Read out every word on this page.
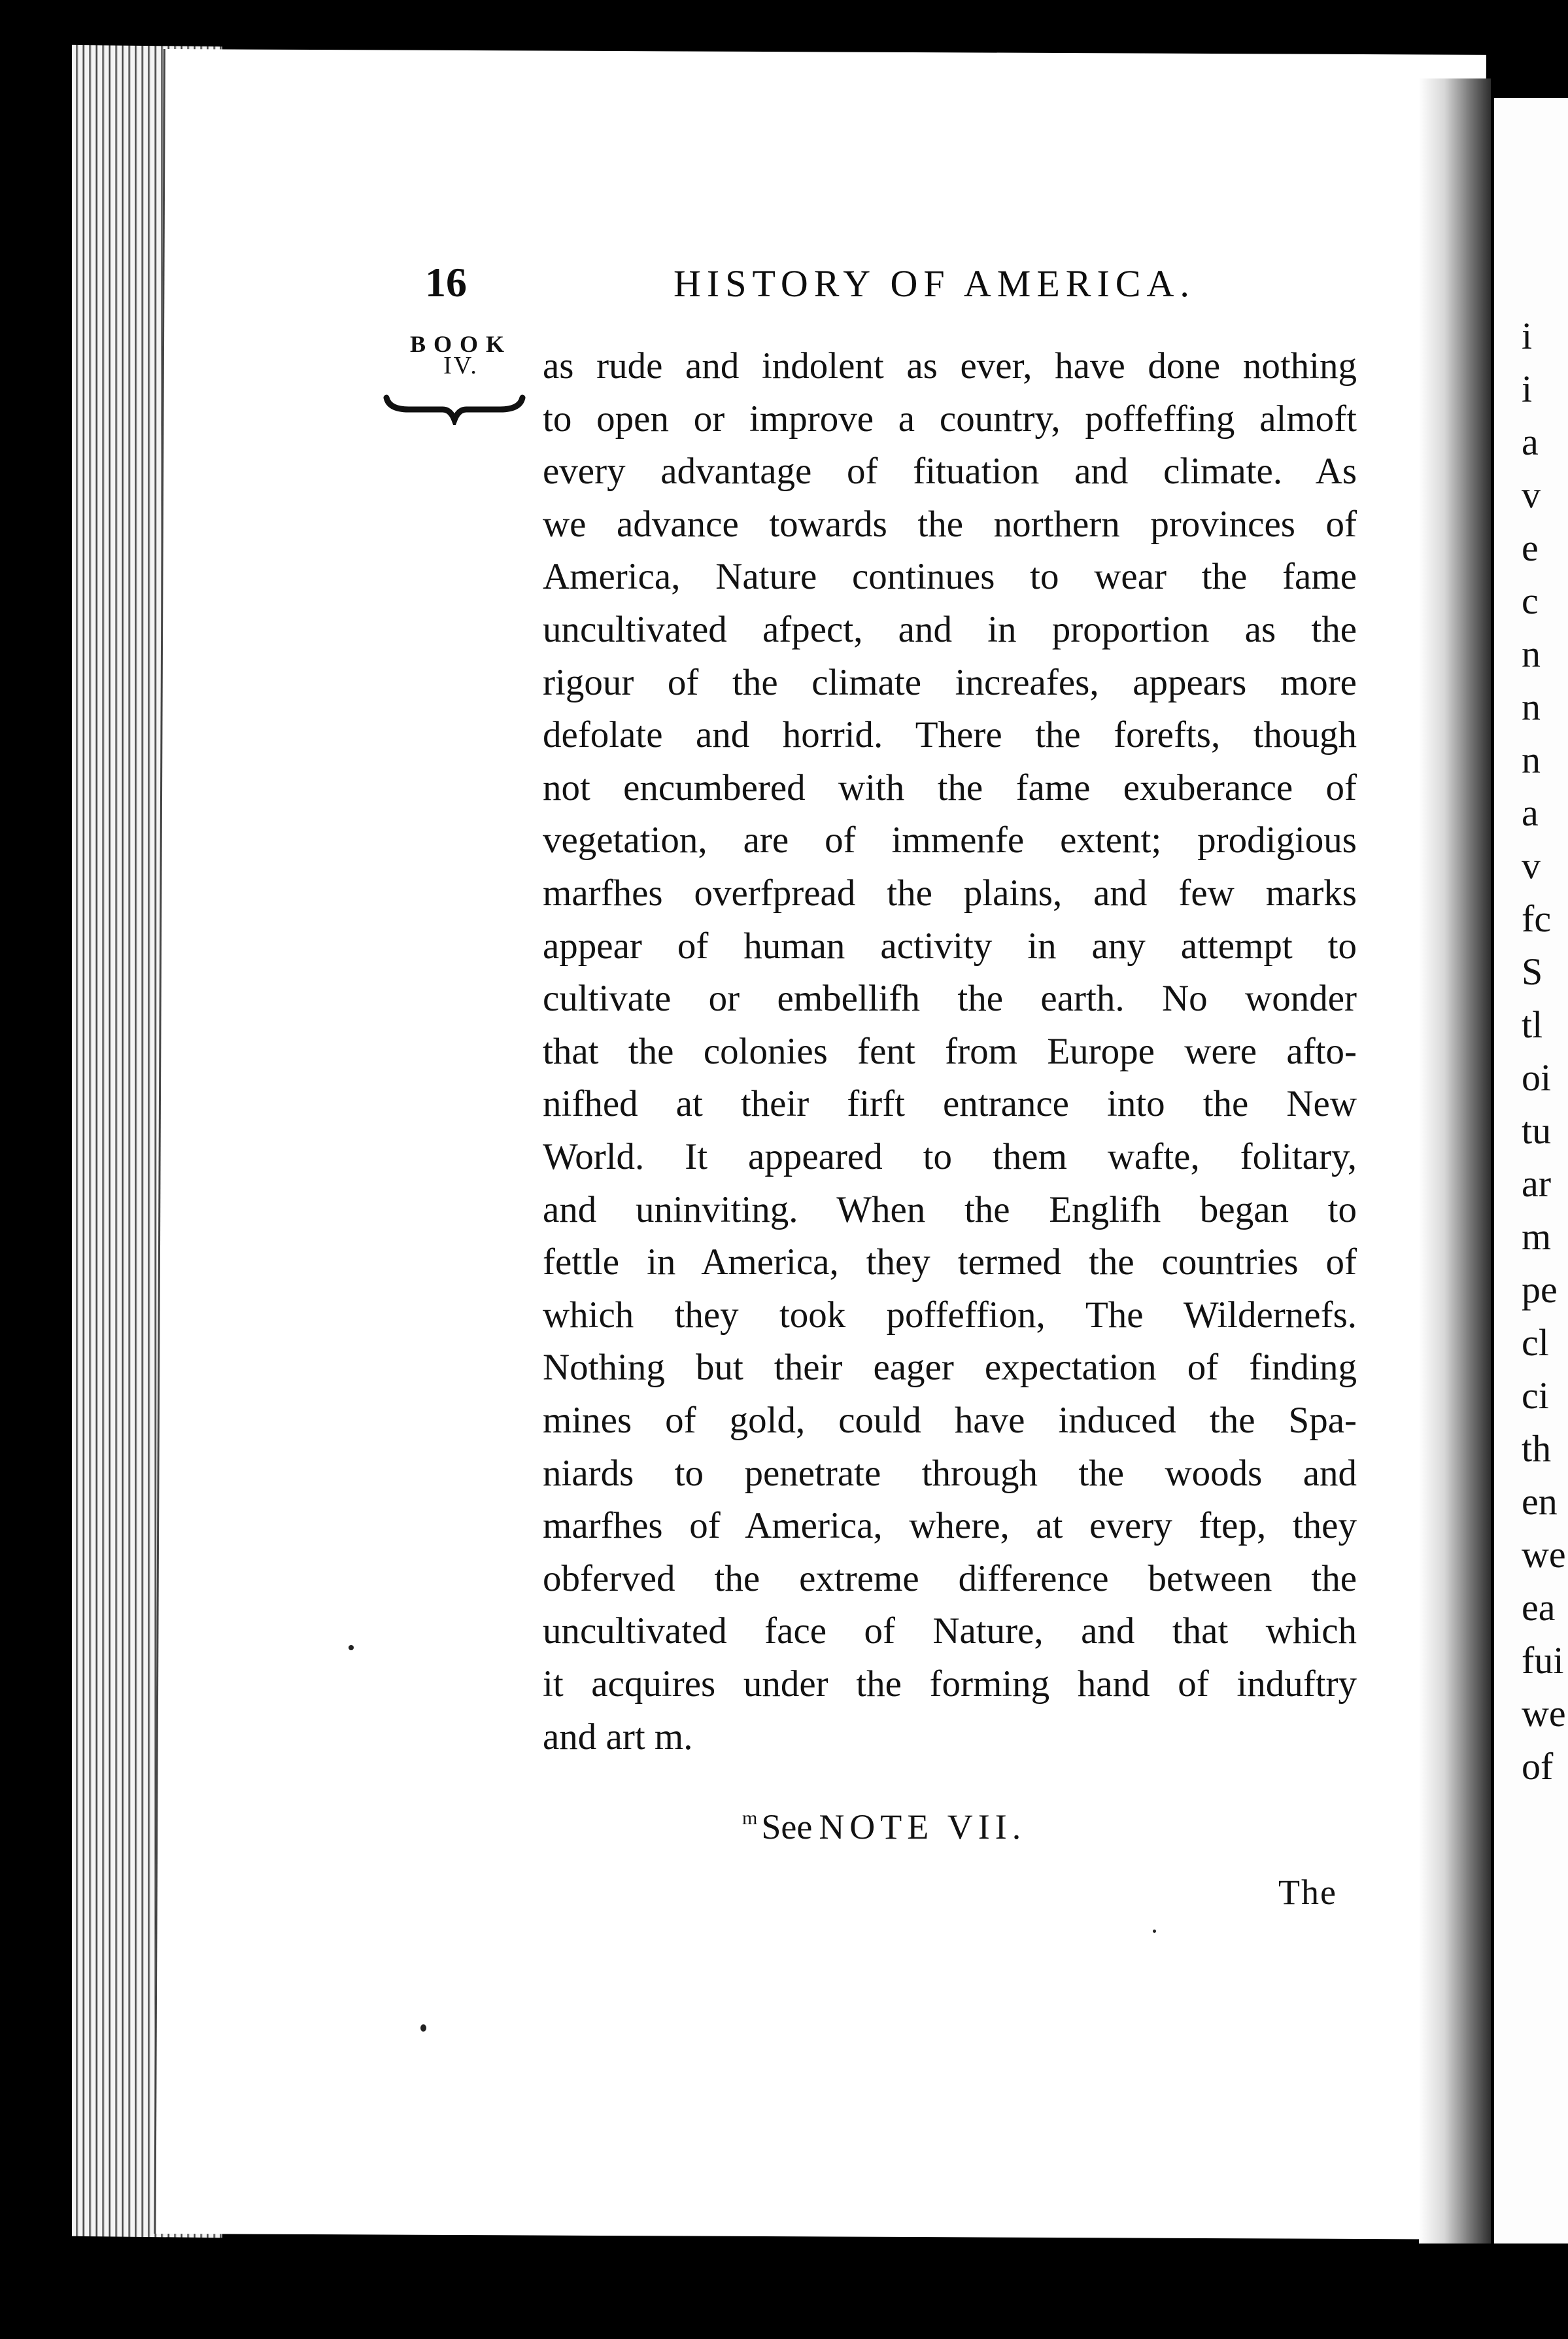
i
i
a
v
e
c
n
n
n
a
v
fc
S
tl
oi
tu
ar
m
pe
cl
ci
th
en
we
ea
fui
we
of
16	HISTORY OF AMERICA.
BOOK
IV.	as rude and indolent as ever, have done nothing
to open or improve a country, poffeffing almoft
every advantage of fituation and climate. As
we advance towards the northern provinces of
America, Nature continues to wear the fame
uncultivated afpect, and in proportion as the
rigour of the climate increafes, appears more
defolate and horrid. There the forefts, though
not encumbered with the fame exuberance of
vegetation, are of immenfe extent; prodigious
marfhes overfpread the plains, and few marks
appear of human activity in any attempt to
cultivate or embellifh the earth. No wonder
that the colonies fent from Europe were afto-
nifhed at their firft entrance into the New
World. It appeared to them wafte, folitary,
and uninviting. When the Englifh began to
fettle in America, they termed the countries of
which they took poffeffion, The Wildernefs.
Nothing but their eager expectation of finding
mines of gold, could have induced the Spa-
niards to penetrate through the woods and
marfhes of America, where, at every ftep, they
obferved the extreme difference between the
uncultivated face of Nature, and that which
it acquires under the forming hand of induftry
and art m.
$^m$ See NOTE VII.
The
